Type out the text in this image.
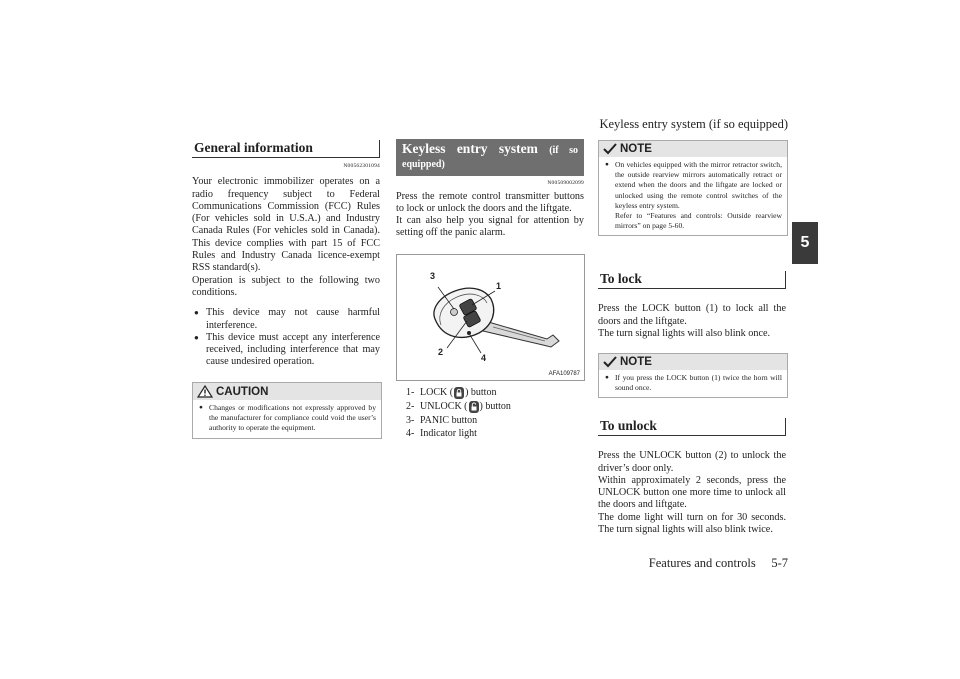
Keyless entry system (if so equipped)
5
Features and controls 5-7
General information
N00562301094

Your electronic immobilizer operates on a radio frequency subject to Federal Communications Commission (FCC) Rules (For vehicles sold in U.S.A.) and Industry Canada Rules (For vehicles sold in Canada). This device complies with part 15 of FCC Rules and Industry Canada licence-exempt RSS standard(s).

Operation is subject to the following two conditions.

● This device may not cause harmful interference.
● This device must accept any interference received, including interference that may cause undesired operation.
CAUTION
● Changes or modifications not expressly approved by the manufacturer for compliance could void the user’s authority to operate the equipment.
Keyless entry system (if so equipped)
N00509002099

Press the remote control transmitter buttons to lock or unlock the doors and the liftgate.

It can also help you signal for attention by setting off the panic alarm.

3
1
2
4
AFA109787
1- LOCK ( ) button
2- UNLOCK ( ) button
3- PANIC button
4- Indicator light
NOTE
● On vehicles equipped with the mirror retractor switch, the outside rearview mirrors automatically retract or extend when the doors and the liftgate are locked or unlocked using the remote control switches of the keyless entry system.
Refer to “Features and controls: Outside rearview mirrors” on page 5-60.
To lock

Press the LOCK button (1) to lock all the doors and the liftgate.

The turn signal lights will also blink once.

NOTE
● If you press the LOCK button (1) twice the horn will sound once.
To unlock

Press the UNLOCK button (2) to unlock the driver’s door only.

Within approximately 2 seconds, press the UNLOCK button one more time to unlock all the doors and liftgate.

The dome light will turn on for 30 seconds. The turn signal lights will also blink twice.
